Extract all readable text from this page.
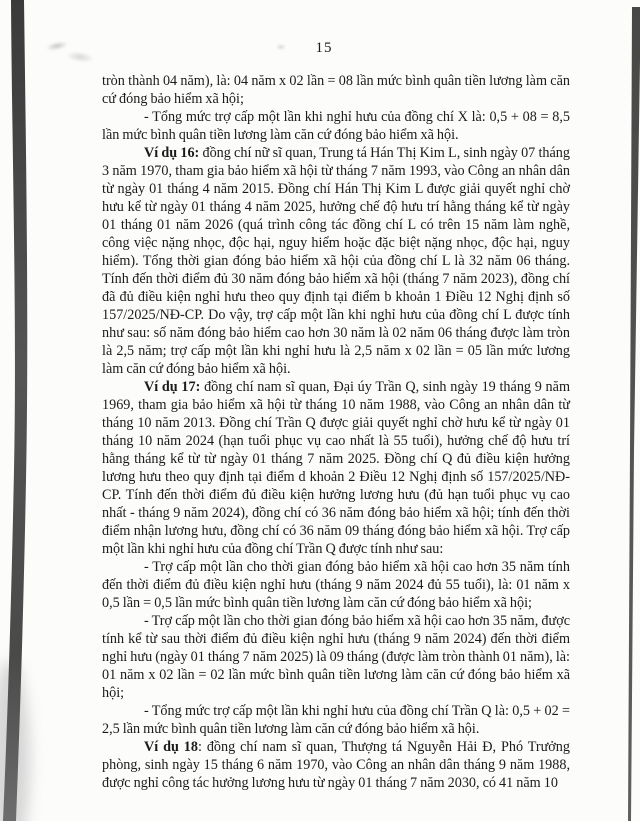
15

tròn thành 04 năm), là: 04 năm x 02 lần = 08 lần mức bình quân tiền lương làm căn cứ đóng bảo hiểm xã hội;

- Tổng mức trợ cấp một lần khi nghỉ hưu của đồng chí X là: 0,5 + 08 = 8,5 lần mức bình quân tiền lương làm căn cứ đóng bảo hiểm xã hội.

Ví dụ 16: đồng chí nữ sĩ quan, Trung tá Hán Thị Kim L, sinh ngày 07 tháng 3 năm 1970, tham gia bảo hiểm xã hội từ tháng 7 năm 1993, vào Công an nhân dân từ ngày 01 tháng 4 năm 2015. Đồng chí Hán Thị Kim L được giải quyết nghỉ chờ hưu kể từ ngày 01 tháng 4 năm 2025, hưởng chế độ hưu trí hằng tháng kể từ ngày 01 tháng 01 năm 2026 (quá trình công tác đồng chí L có trên 15 năm làm nghề, công việc nặng nhọc, độc hại, nguy hiểm hoặc đặc biệt nặng nhọc, độc hại, nguy hiểm). Tổng thời gian đóng bảo hiểm xã hội của đồng chí L là 32 năm 06 tháng. Tính đến thời điểm đủ 30 năm đóng bảo hiểm xã hội (tháng 7 năm 2023), đồng chí đã đủ điều kiện nghỉ hưu theo quy định tại điểm b khoản 1 Điều 12 Nghị định số 157/2025/NĐ-CP. Do vậy, trợ cấp một lần khi nghỉ hưu của đồng chí L được tính như sau: số năm đóng bảo hiểm cao hơn 30 năm là 02 năm 06 tháng được làm tròn là 2,5 năm; trợ cấp một lần khi nghỉ hưu là 2,5 năm x 02 lần = 05 lần mức lương làm căn cứ đóng bảo hiểm xã hội.

Ví dụ 17: đồng chí nam sĩ quan, Đại úy Trần Q, sinh ngày 19 tháng 9 năm 1969, tham gia bảo hiểm xã hội từ tháng 10 năm 1988, vào Công an nhân dân từ tháng 10 năm 2013. Đồng chí Trần Q được giải quyết nghỉ chờ hưu kể từ ngày 01 tháng 10 năm 2024 (hạn tuổi phục vụ cao nhất là 55 tuổi), hưởng chế độ hưu trí hằng tháng kể từ từ ngày 01 tháng 7 năm 2025. Đồng chí Q đủ điều kiện hưởng lương hưu theo quy định tại điểm d khoản 2 Điều 12 Nghị định số 157/2025/NĐ-CP. Tính đến thời điểm đủ điều kiện hưởng lương hưu (đủ hạn tuổi phục vụ cao nhất - tháng 9 năm 2024), đồng chí có 36 năm đóng bảo hiểm xã hội; tính đến thời điểm nhận lương hưu, đồng chí có 36 năm 09 tháng đóng bảo hiểm xã hội. Trợ cấp một lần khi nghỉ hưu của đồng chí Trần Q được tính như sau:

- Trợ cấp một lần cho thời gian đóng bảo hiểm xã hội cao hơn 35 năm tính đến thời điểm đủ điều kiện nghỉ hưu (tháng 9 năm 2024 đủ 55 tuổi), là: 01 năm x 0,5 lần = 0,5 lần mức bình quân tiền lương làm căn cứ đóng bảo hiểm xã hội;

- Trợ cấp một lần cho thời gian đóng bảo hiểm xã hội cao hơn 35 năm, được tính kể từ sau thời điểm đủ điều kiện nghỉ hưu (tháng 9 năm 2024) đến thời điểm nghỉ hưu (ngày 01 tháng 7 năm 2025) là 09 tháng (được làm tròn thành 01 năm), là: 01 năm x 02 lần = 02 lần mức bình quân tiền lương làm căn cứ đóng bảo hiểm xã hội;

- Tổng mức trợ cấp một lần khi nghỉ hưu của đồng chí Trần Q là: 0,5 + 02 = 2,5 lần mức bình quân tiền lương làm căn cứ đóng bảo hiểm xã hội.

Ví dụ 18: đồng chí nam sĩ quan, Thượng tá Nguyễn Hải Đ, Phó Trưởng phòng, sinh ngày 15 tháng 6 năm 1970, vào Công an nhân dân tháng 9 năm 1988, được nghỉ công tác hưởng lương hưu từ ngày 01 tháng 7 năm 2030, có 41 năm 10
